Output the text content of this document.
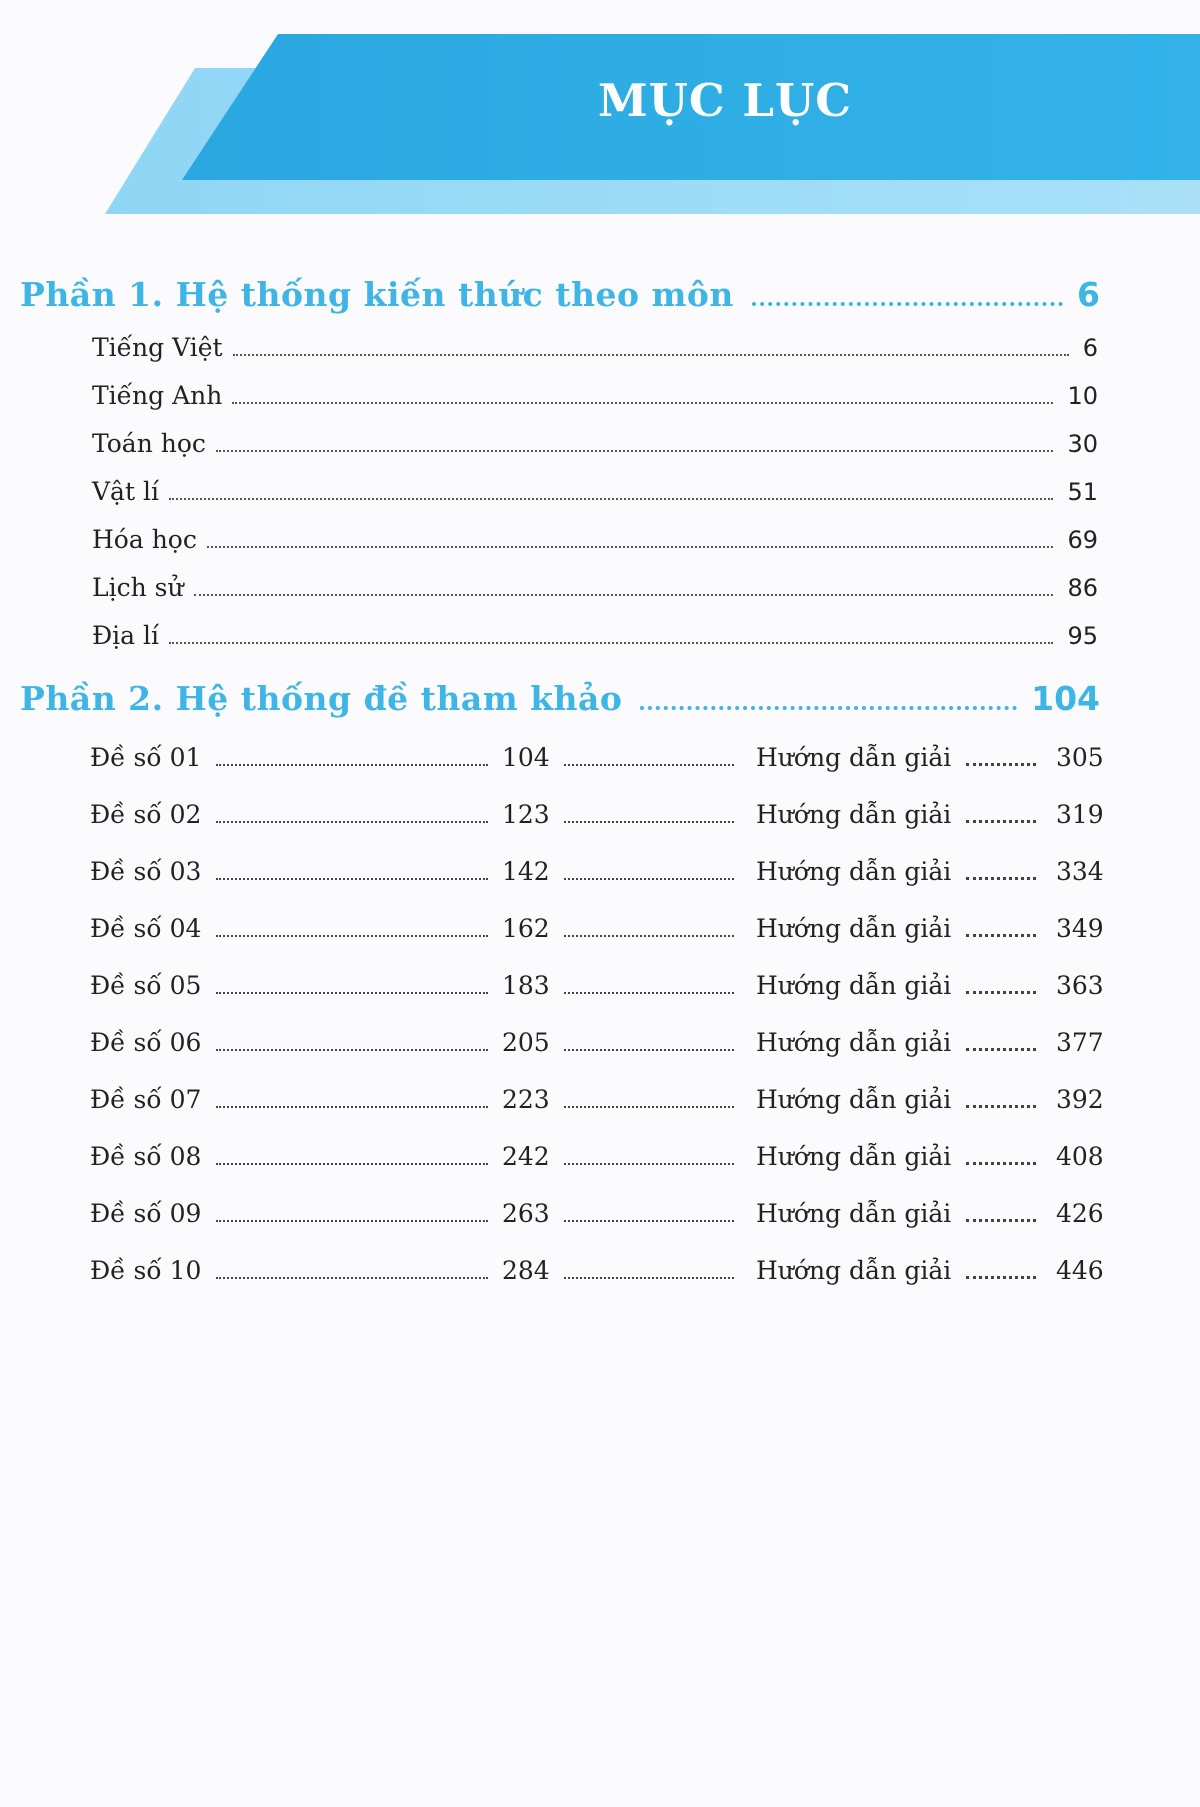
MỤC LỤC
Phần 1. Hệ thống kiến thức theo môn	6
Tiếng Việt	6
Tiếng Anh	10
Toán học	30
Vật lí	51
Hóa học	69
Lịch sử	86
Địa lí	95
Phần 2. Hệ thống đề tham khảo	104
Đề số 01	104	Hướng dẫn giải	305
Đề số 02	123	Hướng dẫn giải	319
Đề số 03	142	Hướng dẫn giải	334
Đề số 04	162	Hướng dẫn giải	349
Đề số 05	183	Hướng dẫn giải	363
Đề số 06	205	Hướng dẫn giải	377
Đề số 07	223	Hướng dẫn giải	392
Đề số 08	242	Hướng dẫn giải	408
Đề số 09	263	Hướng dẫn giải	426
Đề số 10	284	Hướng dẫn giải	446
